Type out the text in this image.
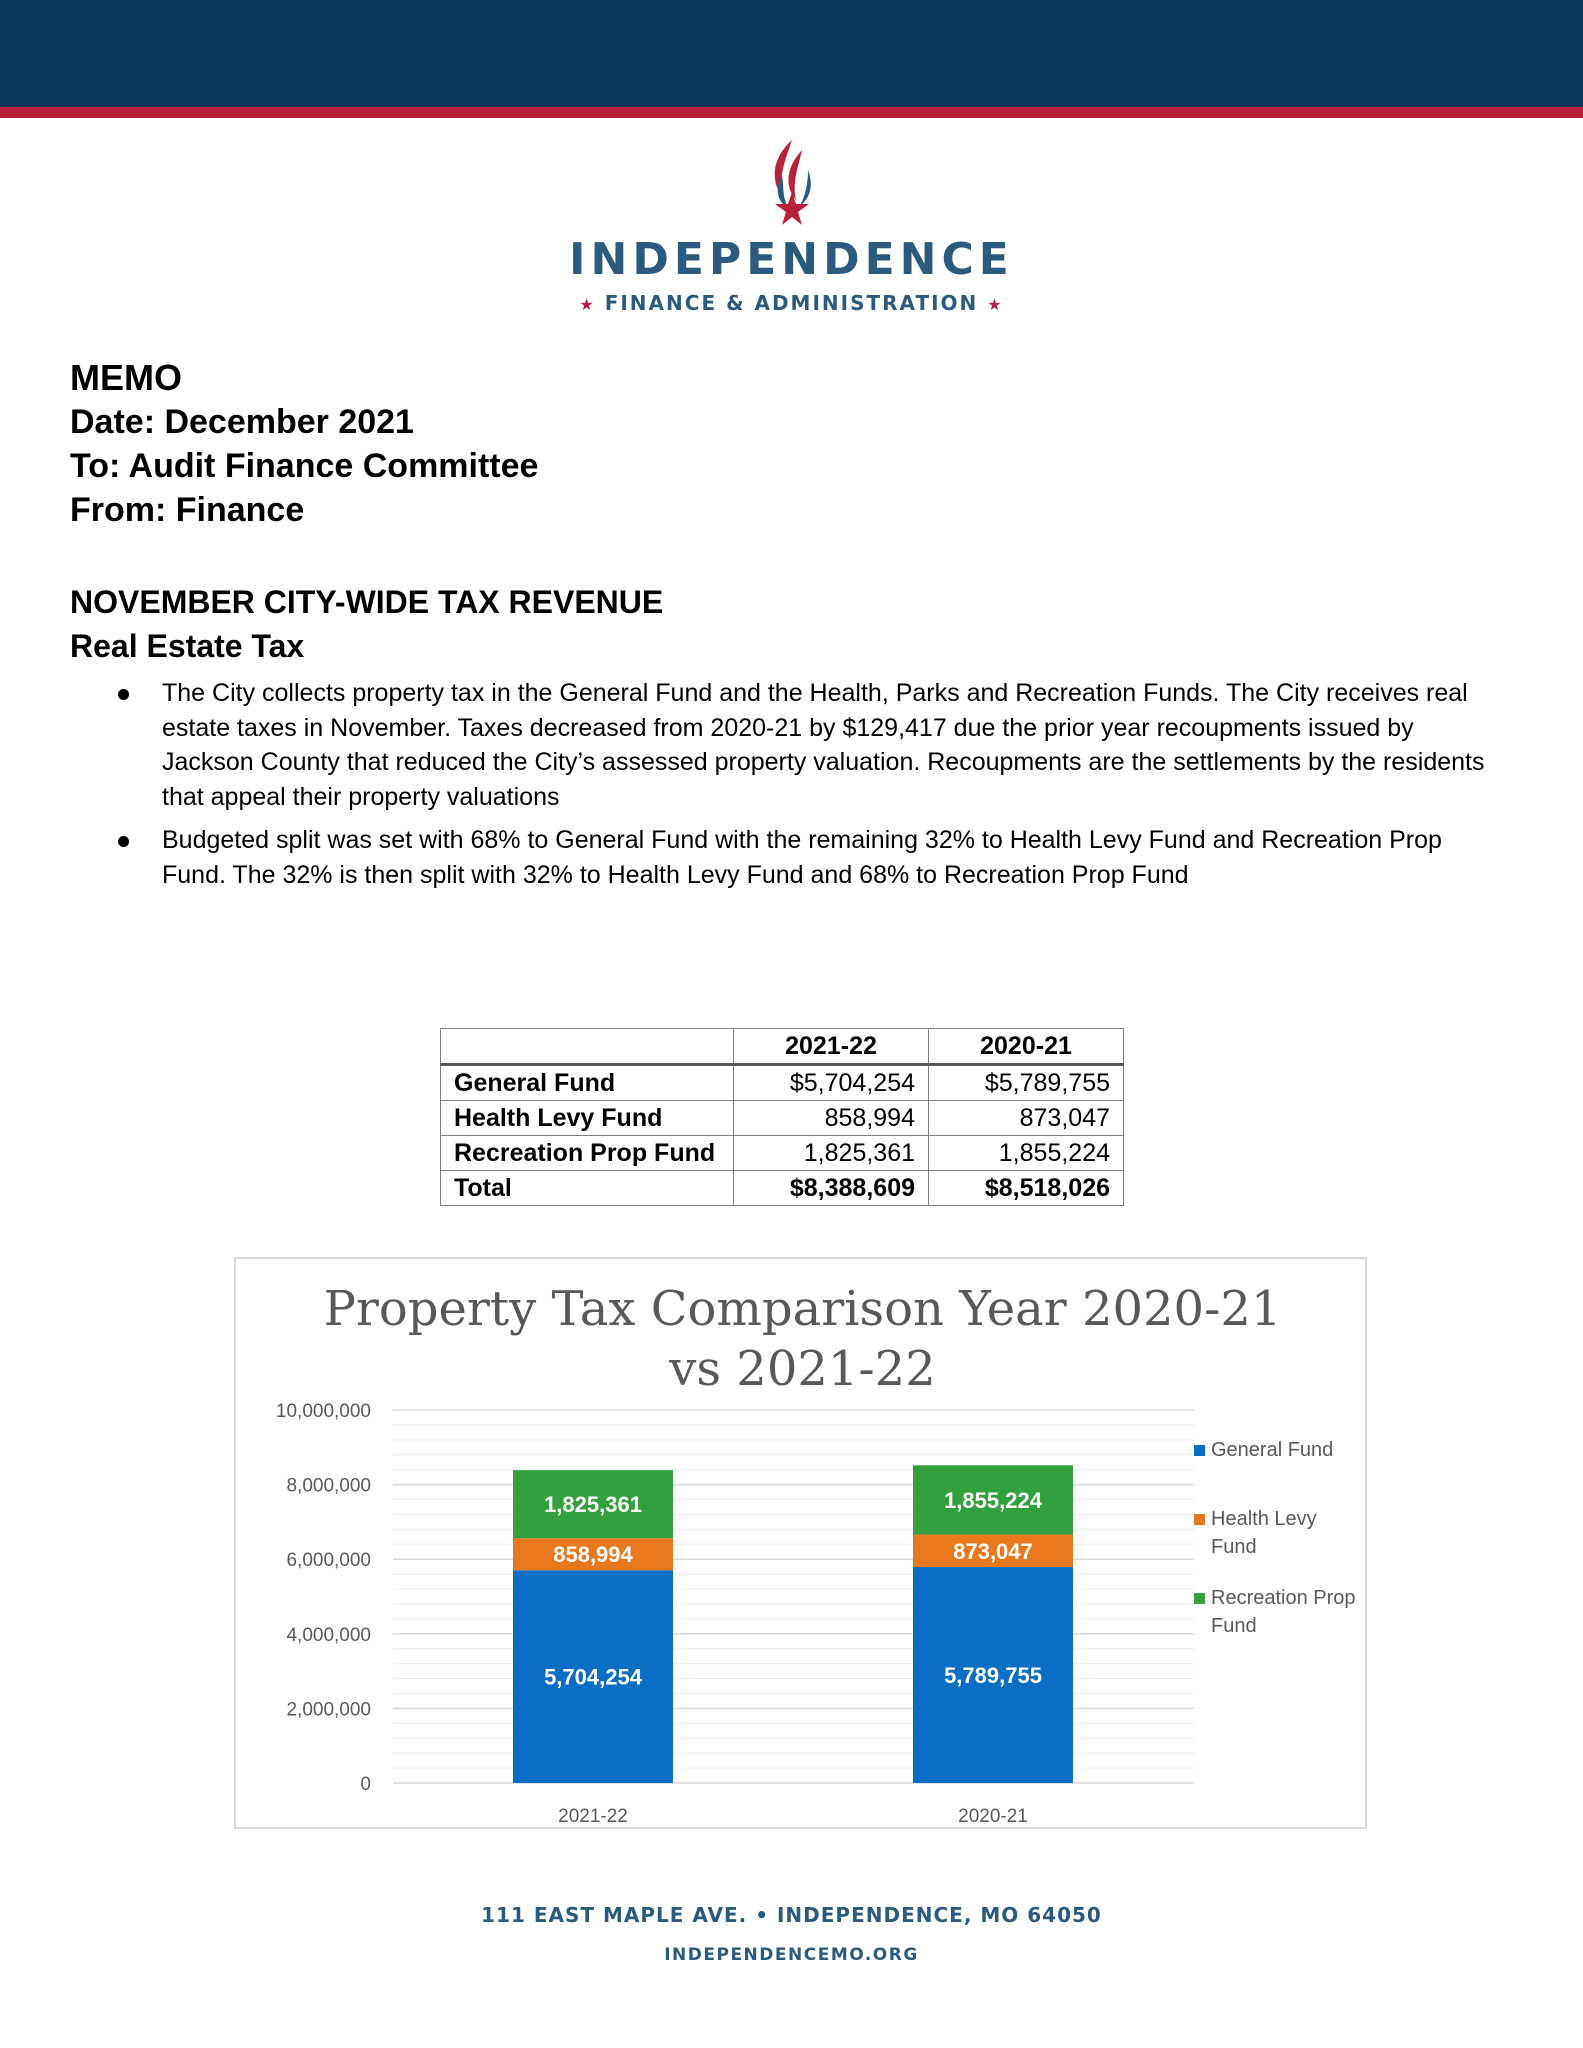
INDEPENDENCE
★ FINANCE & ADMINISTRATION ★
MEMO
Date: December 2021
To: Audit Finance Committee
From: Finance
NOVEMBER CITY-WIDE TAX REVENUE
Real Estate Tax
The City collects property tax in the General Fund and the Health, Parks and Recreation Funds. The City receives real estate taxes in November. Taxes decreased from 2020-21 by $129,417 due the prior year recoupments issued by Jackson County that reduced the City’s assessed property valuation. Recoupments are the settlements by the residents that appeal their property valuations
Budgeted split was set with 68% to General Fund with the remaining 32% to Health Levy Fund and Recreation Prop Fund. The 32% is then split with 32% to Health Levy Fund and 68% to Recreation Prop Fund
	2021-22	2020-21
General Fund	$5,704,254	$5,789,755
Health Levy Fund	858,994	873,047
Recreation Prop Fund	1,825,361	1,855,224
Total	$8,388,609	$8,518,026
Property Tax Comparison Year 2020-21
vs 2021-22
0
2,000,000
4,000,000
6,000,000
8,000,000
10,000,000
5,704,254
858,994
1,825,361
2021-22
5,789,755
873,047
1,855,224
2020-21
General Fund
Health Levy
Fund
Recreation Prop
Fund
111 EAST MAPLE AVE. • INDEPENDENCE, MO 64050
INDEPENDENCEMO.ORG
